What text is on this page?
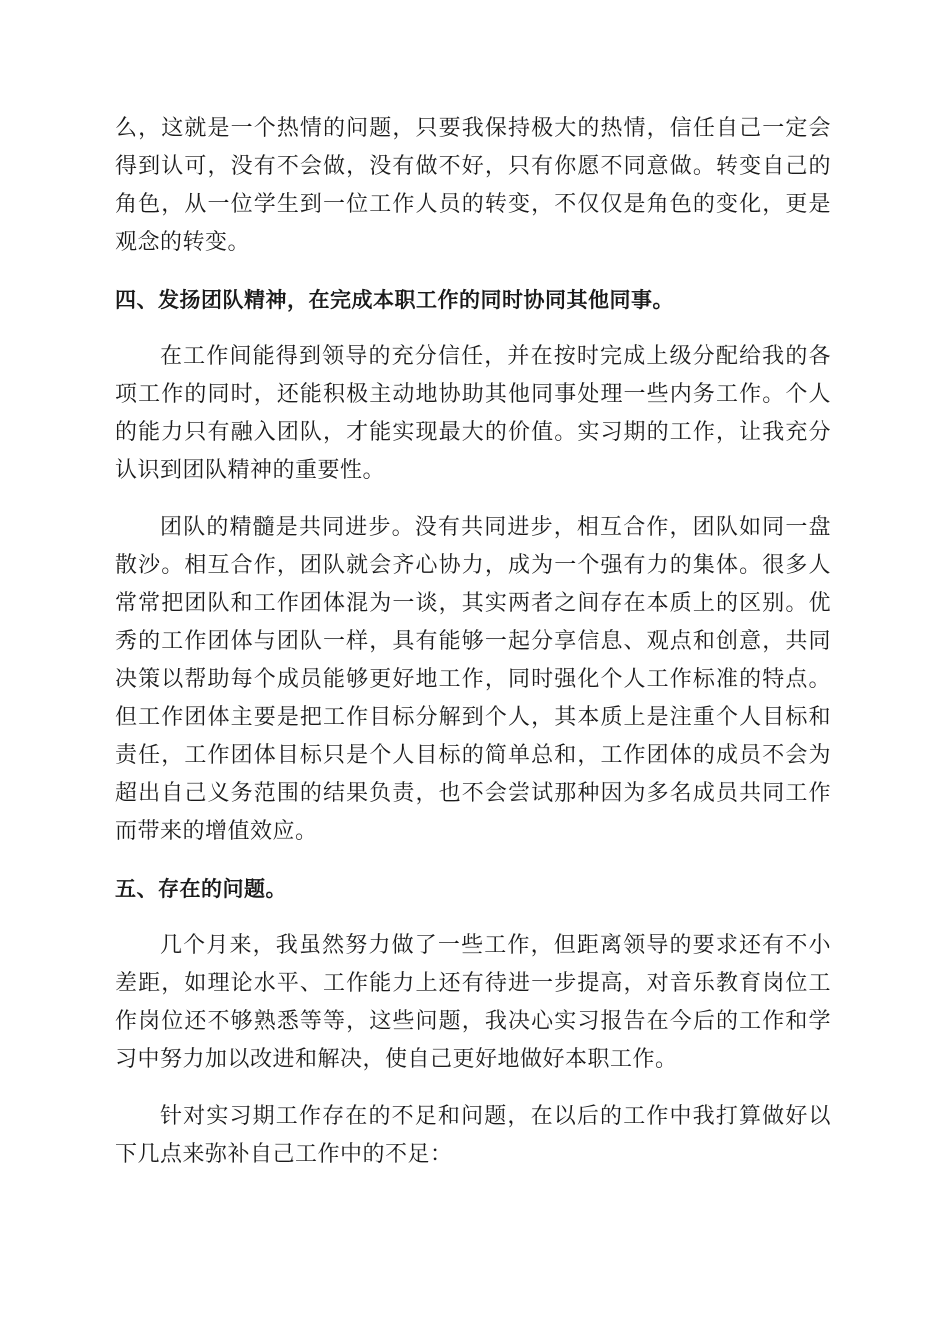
么，这就是一个热情的问题，只要我保持极大的热情，信任自己一定会得到认可，没有不会做，没有做不好，只有你愿不同意做。转变自己的角色，从一位学生到一位工作人员的转变，不仅仅是角色的变化，更是观念的转变。

四、发扬团队精神，在完成本职工作的同时协同其他同事。

在工作间能得到领导的充分信任，并在按时完成上级分配给我的各项工作的同时，还能积极主动地协助其他同事处理一些内务工作。个人的能力只有融入团队，才能实现最大的价值。实习期的工作，让我充分认识到团队精神的重要性。

团队的精髓是共同进步。没有共同进步，相互合作，团队如同一盘散沙。相互合作，团队就会齐心协力，成为一个强有力的集体。很多人常常把团队和工作团体混为一谈，其实两者之间存在本质上的区别。优秀的工作团体与团队一样，具有能够一起分享信息、观点和创意，共同决策以帮助每个成员能够更好地工作，同时强化个人工作标准的特点。但工作团体主要是把工作目标分解到个人，其本质上是注重个人目标和责任，工作团体目标只是个人目标的简单总和，工作团体的成员不会为超出自己义务范围的结果负责，也不会尝试那种因为多名成员共同工作而带来的增值效应。

五、存在的问题。

几个月来，我虽然努力做了一些工作，但距离领导的要求还有不小差距，如理论水平、工作能力上还有待进一步提高，对音乐教育岗位工作岗位还不够熟悉等等，这些问题，我决心实习报告在今后的工作和学习中努力加以改进和解决，使自己更好地做好本职工作。

针对实习期工作存在的不足和问题，在以后的工作中我打算做好以下几点来弥补自己工作中的不足：
